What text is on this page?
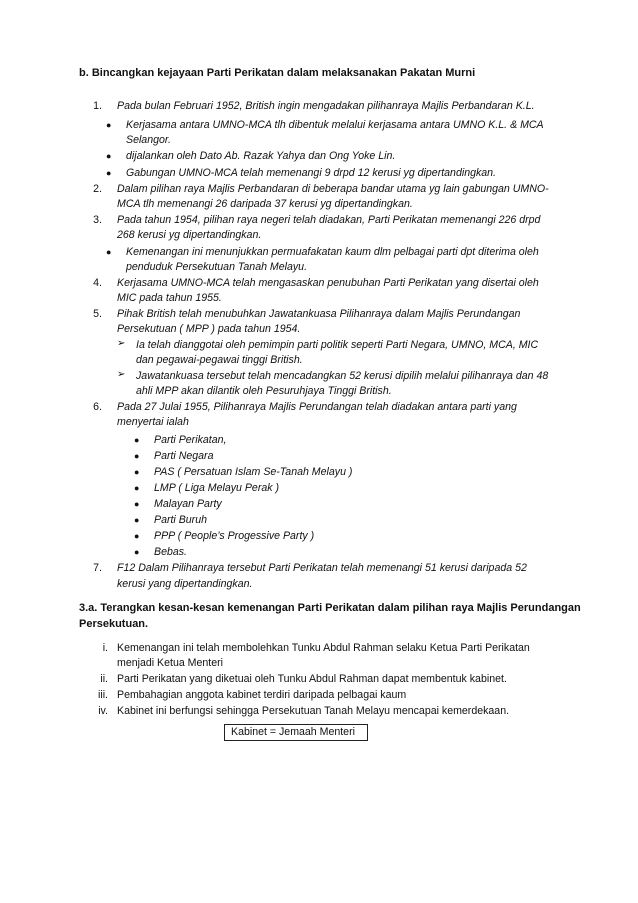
b. Bincangkan kejayaan Parti Perikatan dalam melaksanakan Pakatan Murni
1. Pada bulan Februari 1952, British ingin mengadakan pilihanraya Majlis Perbandaran K.L.
● Kerjasama antara UMNO-MCA tlh dibentuk melalui kerjasama antara UMNO K.L. & MCA
Selangor.
● dijalankan oleh Dato Ab. Razak Yahya dan Ong Yoke Lin.
● Gabungan UMNO-MCA telah memenangi 9 drpd 12 kerusi yg dipertandingkan.
2. Dalam pilihan raya Majlis Perbandaran di beberapa bandar utama yg lain gabungan UMNO-
MCA tlh memenangi 26 daripada 37 kerusi yg dipertandingkan.
3. Pada tahun 1954, pilihan raya negeri telah diadakan, Parti Perikatan memenangi 226 drpd
268 kerusi yg dipertandingkan.
● Kemenangan ini menunjukkan permuafakatan kaum dlm pelbagai parti dpt diterima oleh
penduduk Persekutuan Tanah Melayu.
4. Kerjasama UMNO-MCA telah mengasaskan penubuhan Parti Perikatan yang disertai oleh
MIC pada tahun 1955.
5. Pihak British telah menubuhkan Jawatankuasa Pilihanraya dalam Majlis Perundangan
Persekutuan ( MPP ) pada tahun 1954.
➢ Ia telah dianggotai oleh pemimpin parti politik seperti Parti Negara, UMNO, MCA, MIC
dan pegawai-pegawai tinggi British.
➢ Jawatankuasa tersebut telah mencadangkan 52 kerusi dipilih melalui pilihanraya dan 48
ahli MPP akan dilantik oleh Pesuruhjaya Tinggi British.
6. Pada 27 Julai 1955, Pilihanraya Majlis Perundangan telah diadakan antara parti yang
menyertai ialah
● Parti Perikatan,
● Parti Negara
● PAS ( Persatuan Islam Se-Tanah Melayu )
● LMP ( Liga Melayu Perak )
● Malayan Party
● Parti Buruh
● PPP ( People’s Progessive Party )
● Bebas.
7. F12 Dalam Pilihanraya tersebut Parti Perikatan telah memenangi 51 kerusi daripada 52
kerusi yang dipertandingkan.
3.a. Terangkan kesan-kesan kemenangan Parti Perikatan dalam pilihan raya Majlis Perundangan
Persekutuan.
i. Kemenangan ini telah membolehkan Tunku Abdul Rahman selaku Ketua Parti Perikatan
menjadi Ketua Menteri
ii. Parti Perikatan yang diketuai oleh Tunku Abdul Rahman dapat membentuk kabinet.
iii. Pembahagian anggota kabinet terdiri daripada pelbagai kaum
iv. Kabinet ini berfungsi sehingga Persekutuan Tanah Melayu mencapai kemerdekaan.
Kabinet = Jemaah Menteri
